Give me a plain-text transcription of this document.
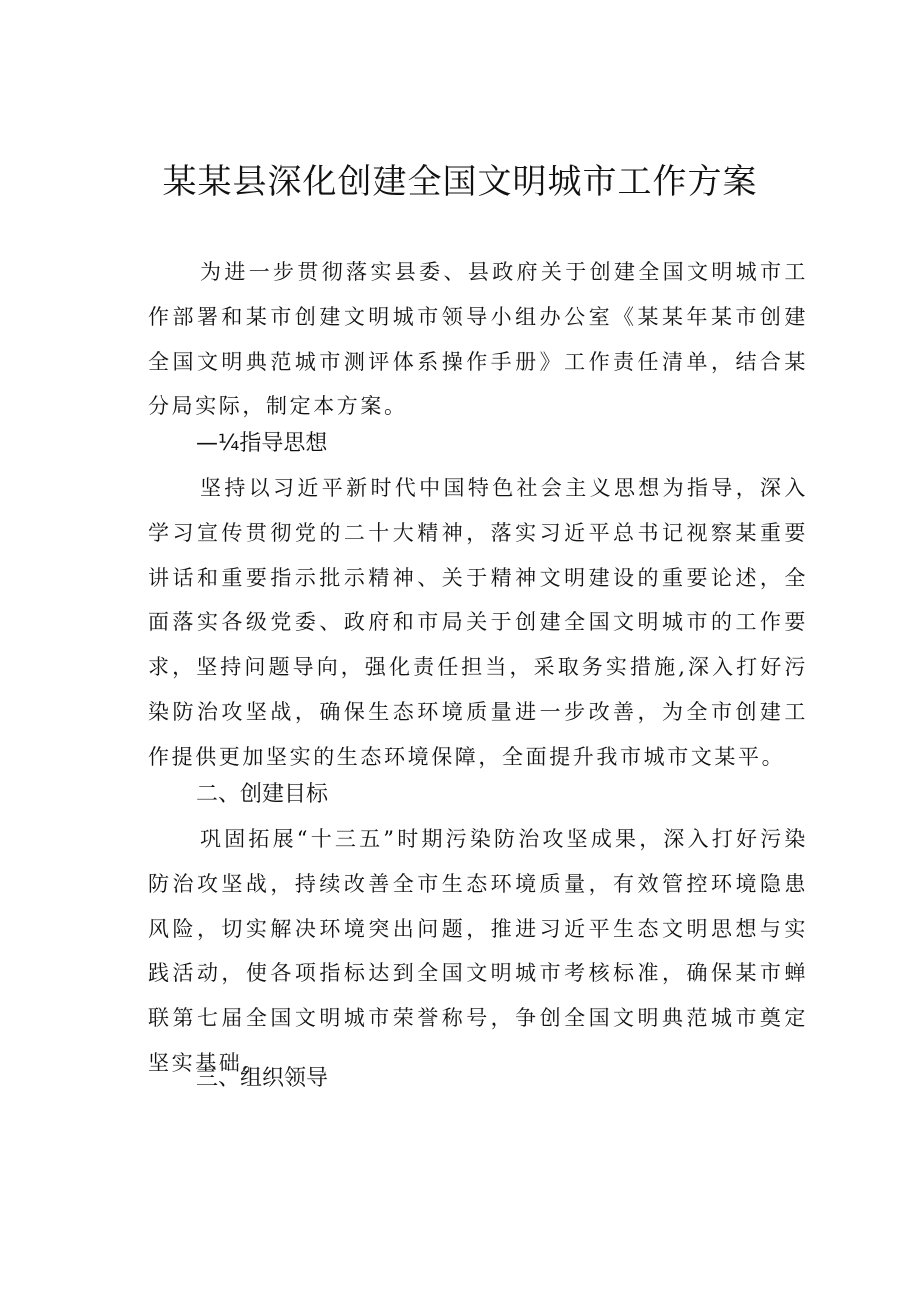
某某县深化创建全国文明城市工作方案

为进一步贯彻落实县委、县政府关于创建全国文明城市工作部署和某市创建文明城市领导小组办公室《某某年某市创建全国文明典范城市测评体系操作手册》工作责任清单，结合某分局实际，制定本方案。

—¼指导思想

坚持以习近平新时代中国特色社会主义思想为指导，深入学习宣传贯彻党的二十大精神，落实习近平总书记视察某重要讲话和重要指示批示精神、关于精神文明建设的重要论述，全面落实各级党委、政府和市局关于创建全国文明城市的工作要求，坚持问题导向，强化责任担当，采取务实措施,深入打好污染防治攻坚战，确保生态环境质量进一步改善，为全市创建工作提供更加坚实的生态环境保障，全面提升我市城市文某平。

二、创建目标

巩固拓展“十三五”时期污染防治攻坚成果，深入打好污染防治攻坚战，持续改善全市生态环境质量，有效管控环境隐患风险，切实解决环境突出问题，推进习近平生态文明思想与实践活动，使各项指标达到全国文明城市考核标准，确保某市蝉联第七届全国文明城市荣誉称号，争创全国文明典范城市奠定坚实基础。

三、组织领导
